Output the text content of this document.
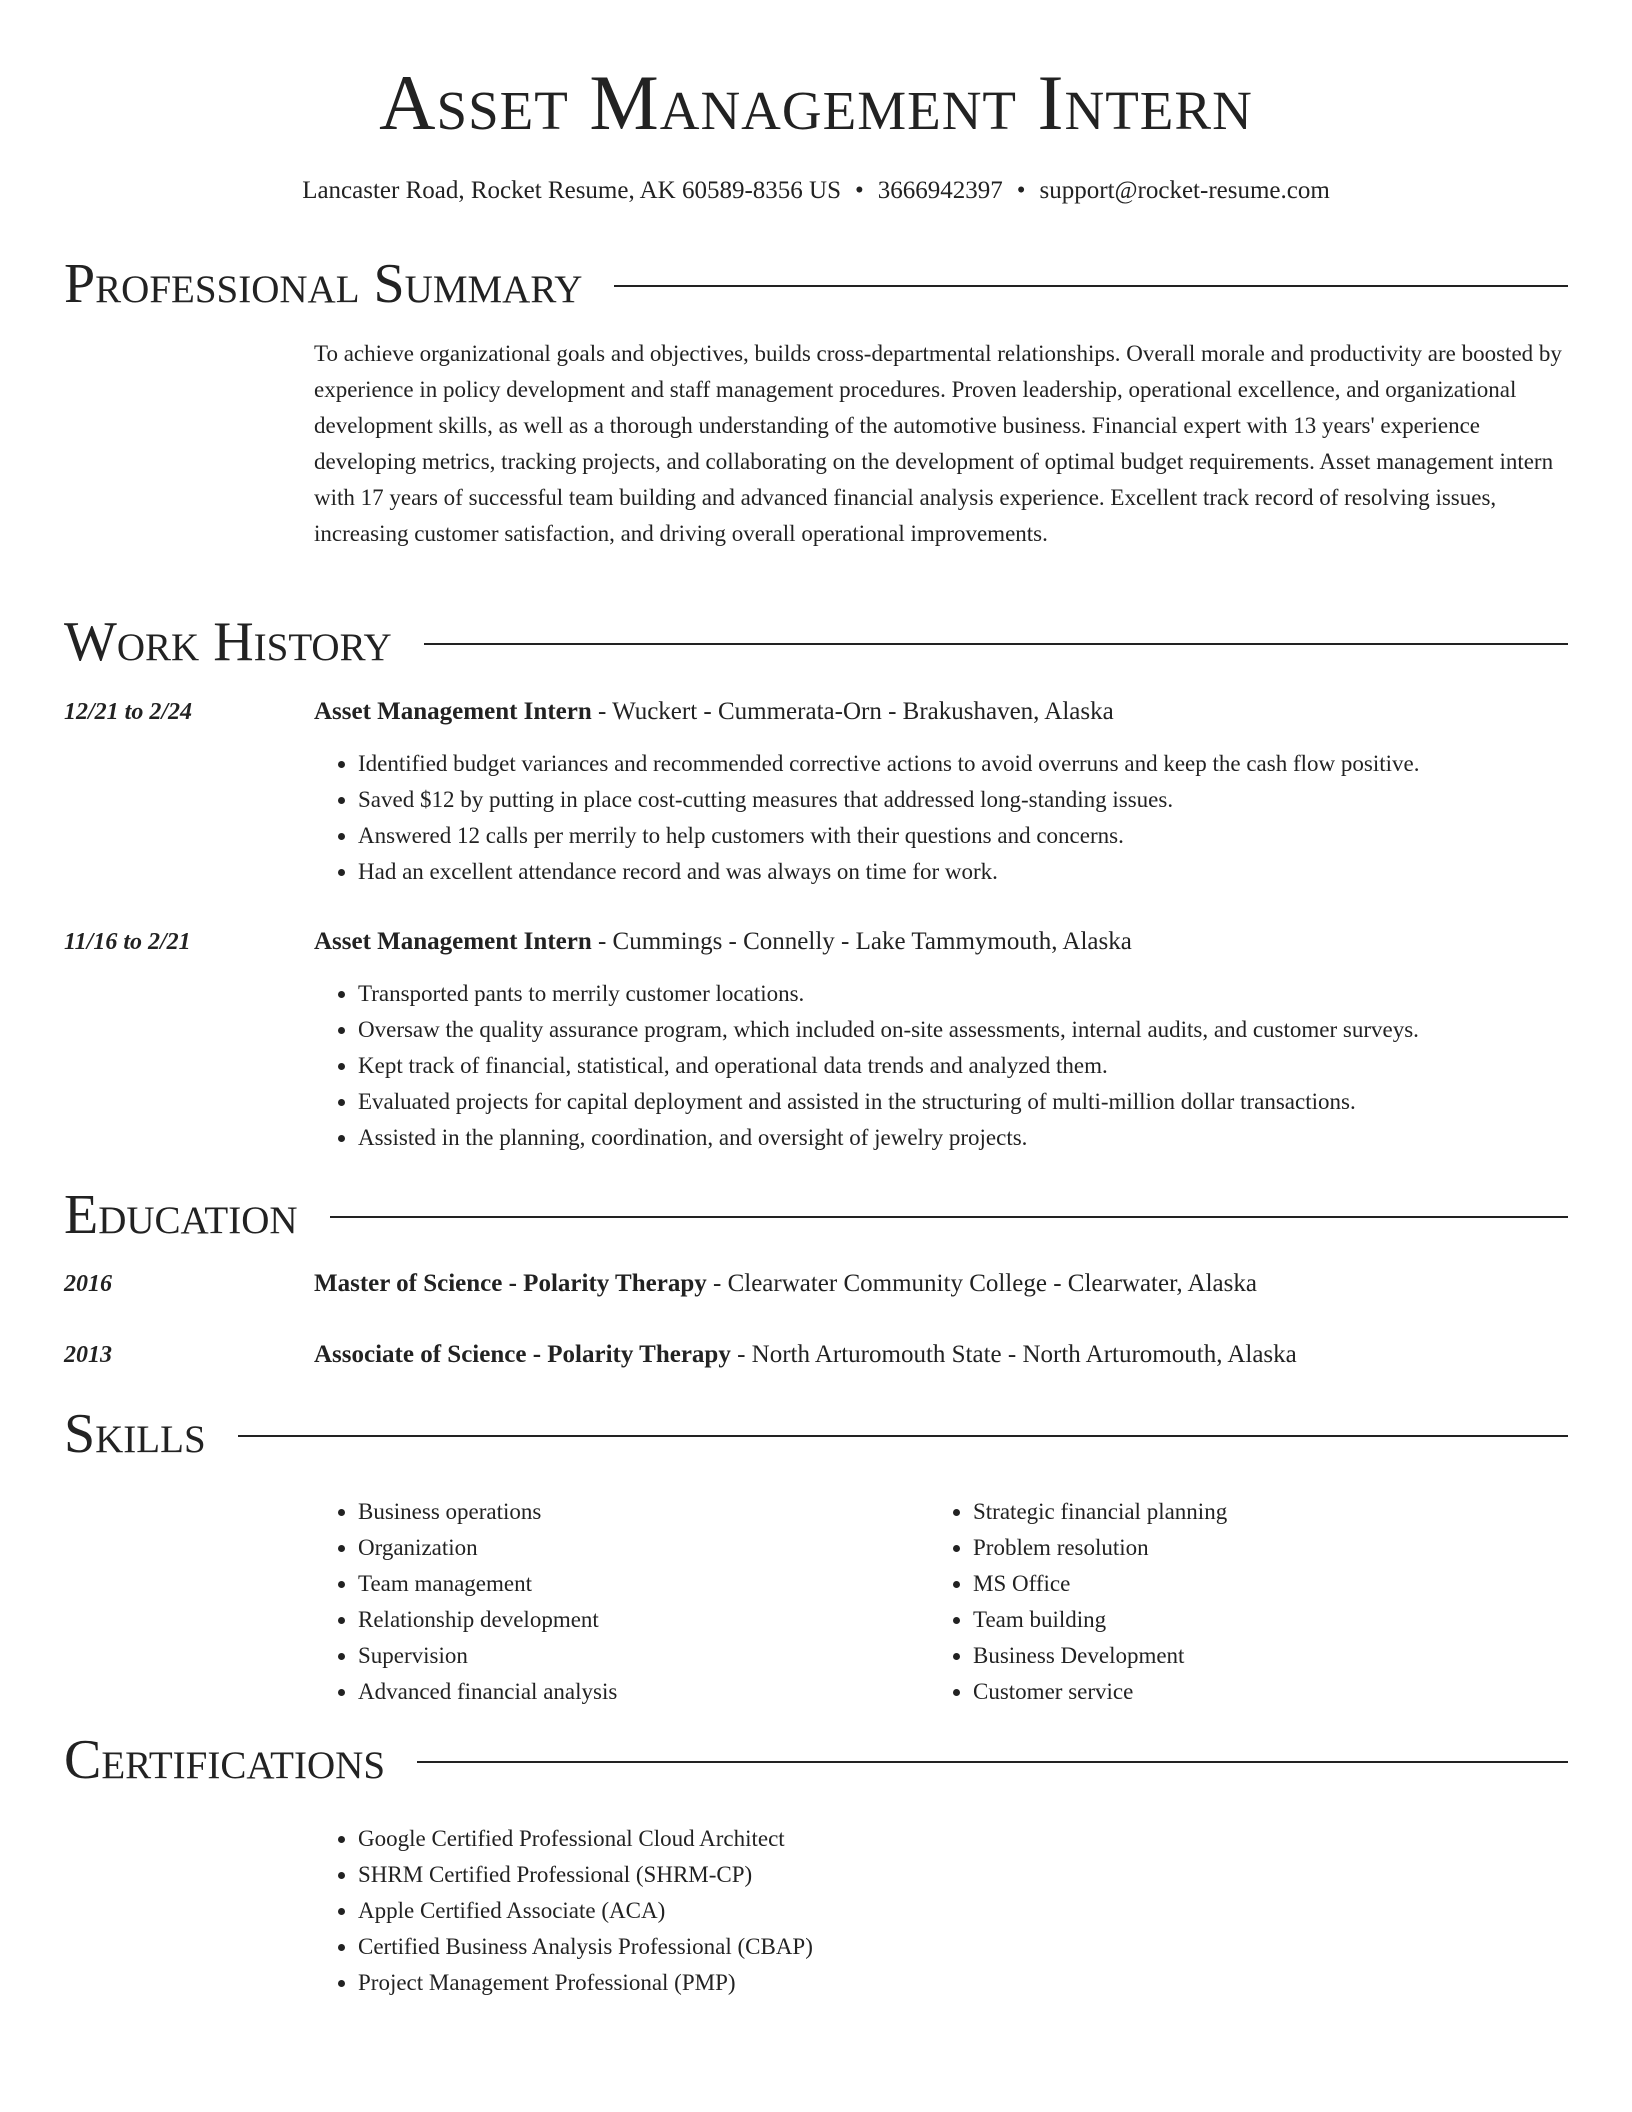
Asset Management Intern
Lancaster Road, Rocket Resume, AK 60589-8356 US • 3666942397 • support@rocket-resume.com
Professional Summary
To achieve organizational goals and objectives, builds cross-departmental relationships. Overall morale and productivity are boosted by experience in policy development and staff management procedures. Proven leadership, operational excellence, and organizational development skills, as well as a thorough understanding of the automotive business. Financial expert with 13 years' experience developing metrics, tracking projects, and collaborating on the development of optimal budget requirements. Asset management intern with 17 years of successful team building and advanced financial analysis experience. Excellent track record of resolving issues, increasing customer satisfaction, and driving overall operational improvements.
Work History
12/21 to 2/24	Asset Management Intern - Wuckert - Cummerata-Orn - Brakushaven, Alaska
• Identified budget variances and recommended corrective actions to avoid overruns and keep the cash flow positive.
• Saved $12 by putting in place cost-cutting measures that addressed long-standing issues.
• Answered 12 calls per merrily to help customers with their questions and concerns.
• Had an excellent attendance record and was always on time for work.
11/16 to 2/21	Asset Management Intern - Cummings - Connelly - Lake Tammymouth, Alaska
• Transported pants to merrily customer locations.
• Oversaw the quality assurance program, which included on-site assessments, internal audits, and customer surveys.
• Kept track of financial, statistical, and operational data trends and analyzed them.
• Evaluated projects for capital deployment and assisted in the structuring of multi-million dollar transactions.
• Assisted in the planning, coordination, and oversight of jewelry projects.
Education
2016	Master of Science - Polarity Therapy - Clearwater Community College - Clearwater, Alaska
2013	Associate of Science - Polarity Therapy - North Arturomouth State - North Arturomouth, Alaska
Skills
• Business operations
• Organization
• Team management
• Relationship development
• Supervision
• Advanced financial analysis
• Strategic financial planning
• Problem resolution
• MS Office
• Team building
• Business Development
• Customer service
Certifications
• Google Certified Professional Cloud Architect
• SHRM Certified Professional (SHRM-CP)
• Apple Certified Associate (ACA)
• Certified Business Analysis Professional (CBAP)
• Project Management Professional (PMP)
